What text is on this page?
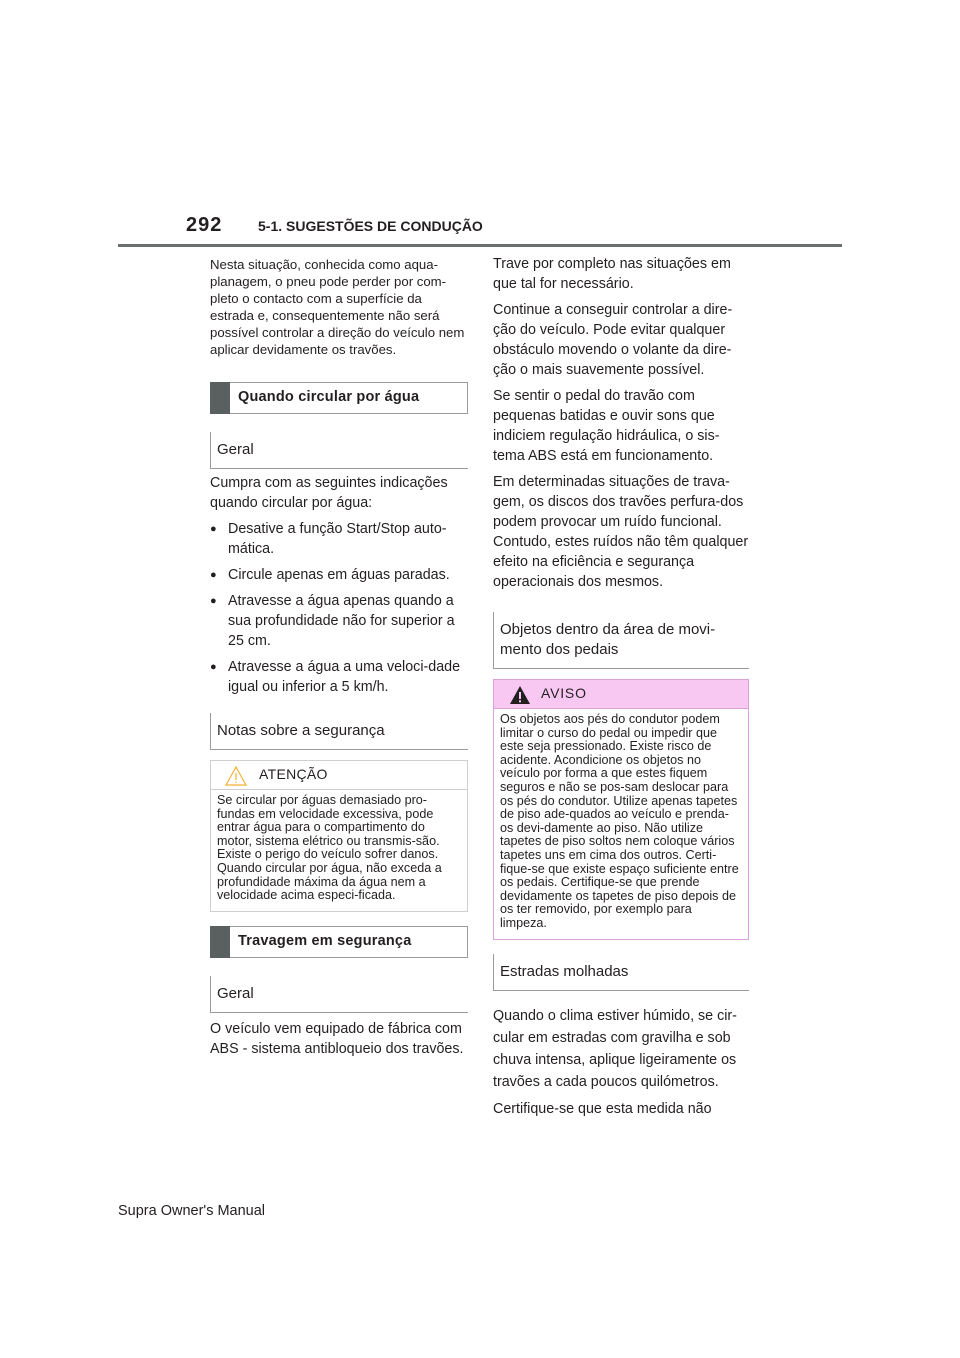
292	5-1. SUGESTÕES DE CONDUÇÃO

Nesta situação, conhecida como aqua-planagem, o pneu pode perder por com-pleto o contacto com a superfície da estrada e, consequentemente não será possível controlar a direção do veículo nem aplicar devidamente os travões.

Quando circular por água
Geral

Cumpra com as seguintes indicações quando circular por água:

● Desative a função Start/Stop auto-mática.
● Circule apenas em águas paradas.
● Atravesse a água apenas quando a sua profundidade não for superior a 25 cm.
● Atravesse a água a uma veloci-dade igual ou inferior a 5 km/h.
Notas sobre a segurança
ATENÇÃO
Se circular por águas demasiado pro-fundas em velocidade excessiva, pode entrar água para o compartimento do motor, sistema elétrico ou transmis-são. Existe o perigo do veículo sofrer danos. Quando circular por água, não exceda a profundidade máxima da água nem a velocidade acima especi-ficada.
Travagem em segurança
Geral

O veículo vem equipado de fábrica com ABS - sistema antibloqueio dos travões.

Trave por completo nas situações em que tal for necessário.

Continue a conseguir controlar a dire-ção do veículo. Pode evitar qualquer obstáculo movendo o volante da dire-ção o mais suavemente possível.

Se sentir o pedal do travão com pequenas batidas e ouvir sons que indiciem regulação hidráulica, o sis-tema ABS está em funcionamento.

Em determinadas situações de trava-gem, os discos dos travões perfura-dos podem provocar um ruído funcional. Contudo, estes ruídos não têm qualquer efeito na eficiência e segurança operacionais dos mesmos.

Objetos dentro da área de movi-mento dos pedais
AVISO
Os objetos aos pés do condutor podem limitar o curso do pedal ou impedir que este seja pressionado. Existe risco de acidente. Acondicione os objetos no veículo por forma a que estes fiquem seguros e não se pos-sam deslocar para os pés do condutor. Utilize apenas tapetes de piso ade-quados ao veículo e prenda-os devi-damente ao piso. Não utilize tapetes de piso soltos nem coloque vários tapetes uns em cima dos outros. Certi-fique-se que existe espaço suficiente entre os pedais. Certifique-se que prende devidamente os tapetes de piso depois de os ter removido, por exemplo para limpeza.
Estradas molhadas

Quando o clima estiver húmido, se cir-cular em estradas com gravilha e sob chuva intensa, aplique ligeiramente os travões a cada poucos quilómetros.

Certifique-se que esta medida não

Supra Owner's Manual
